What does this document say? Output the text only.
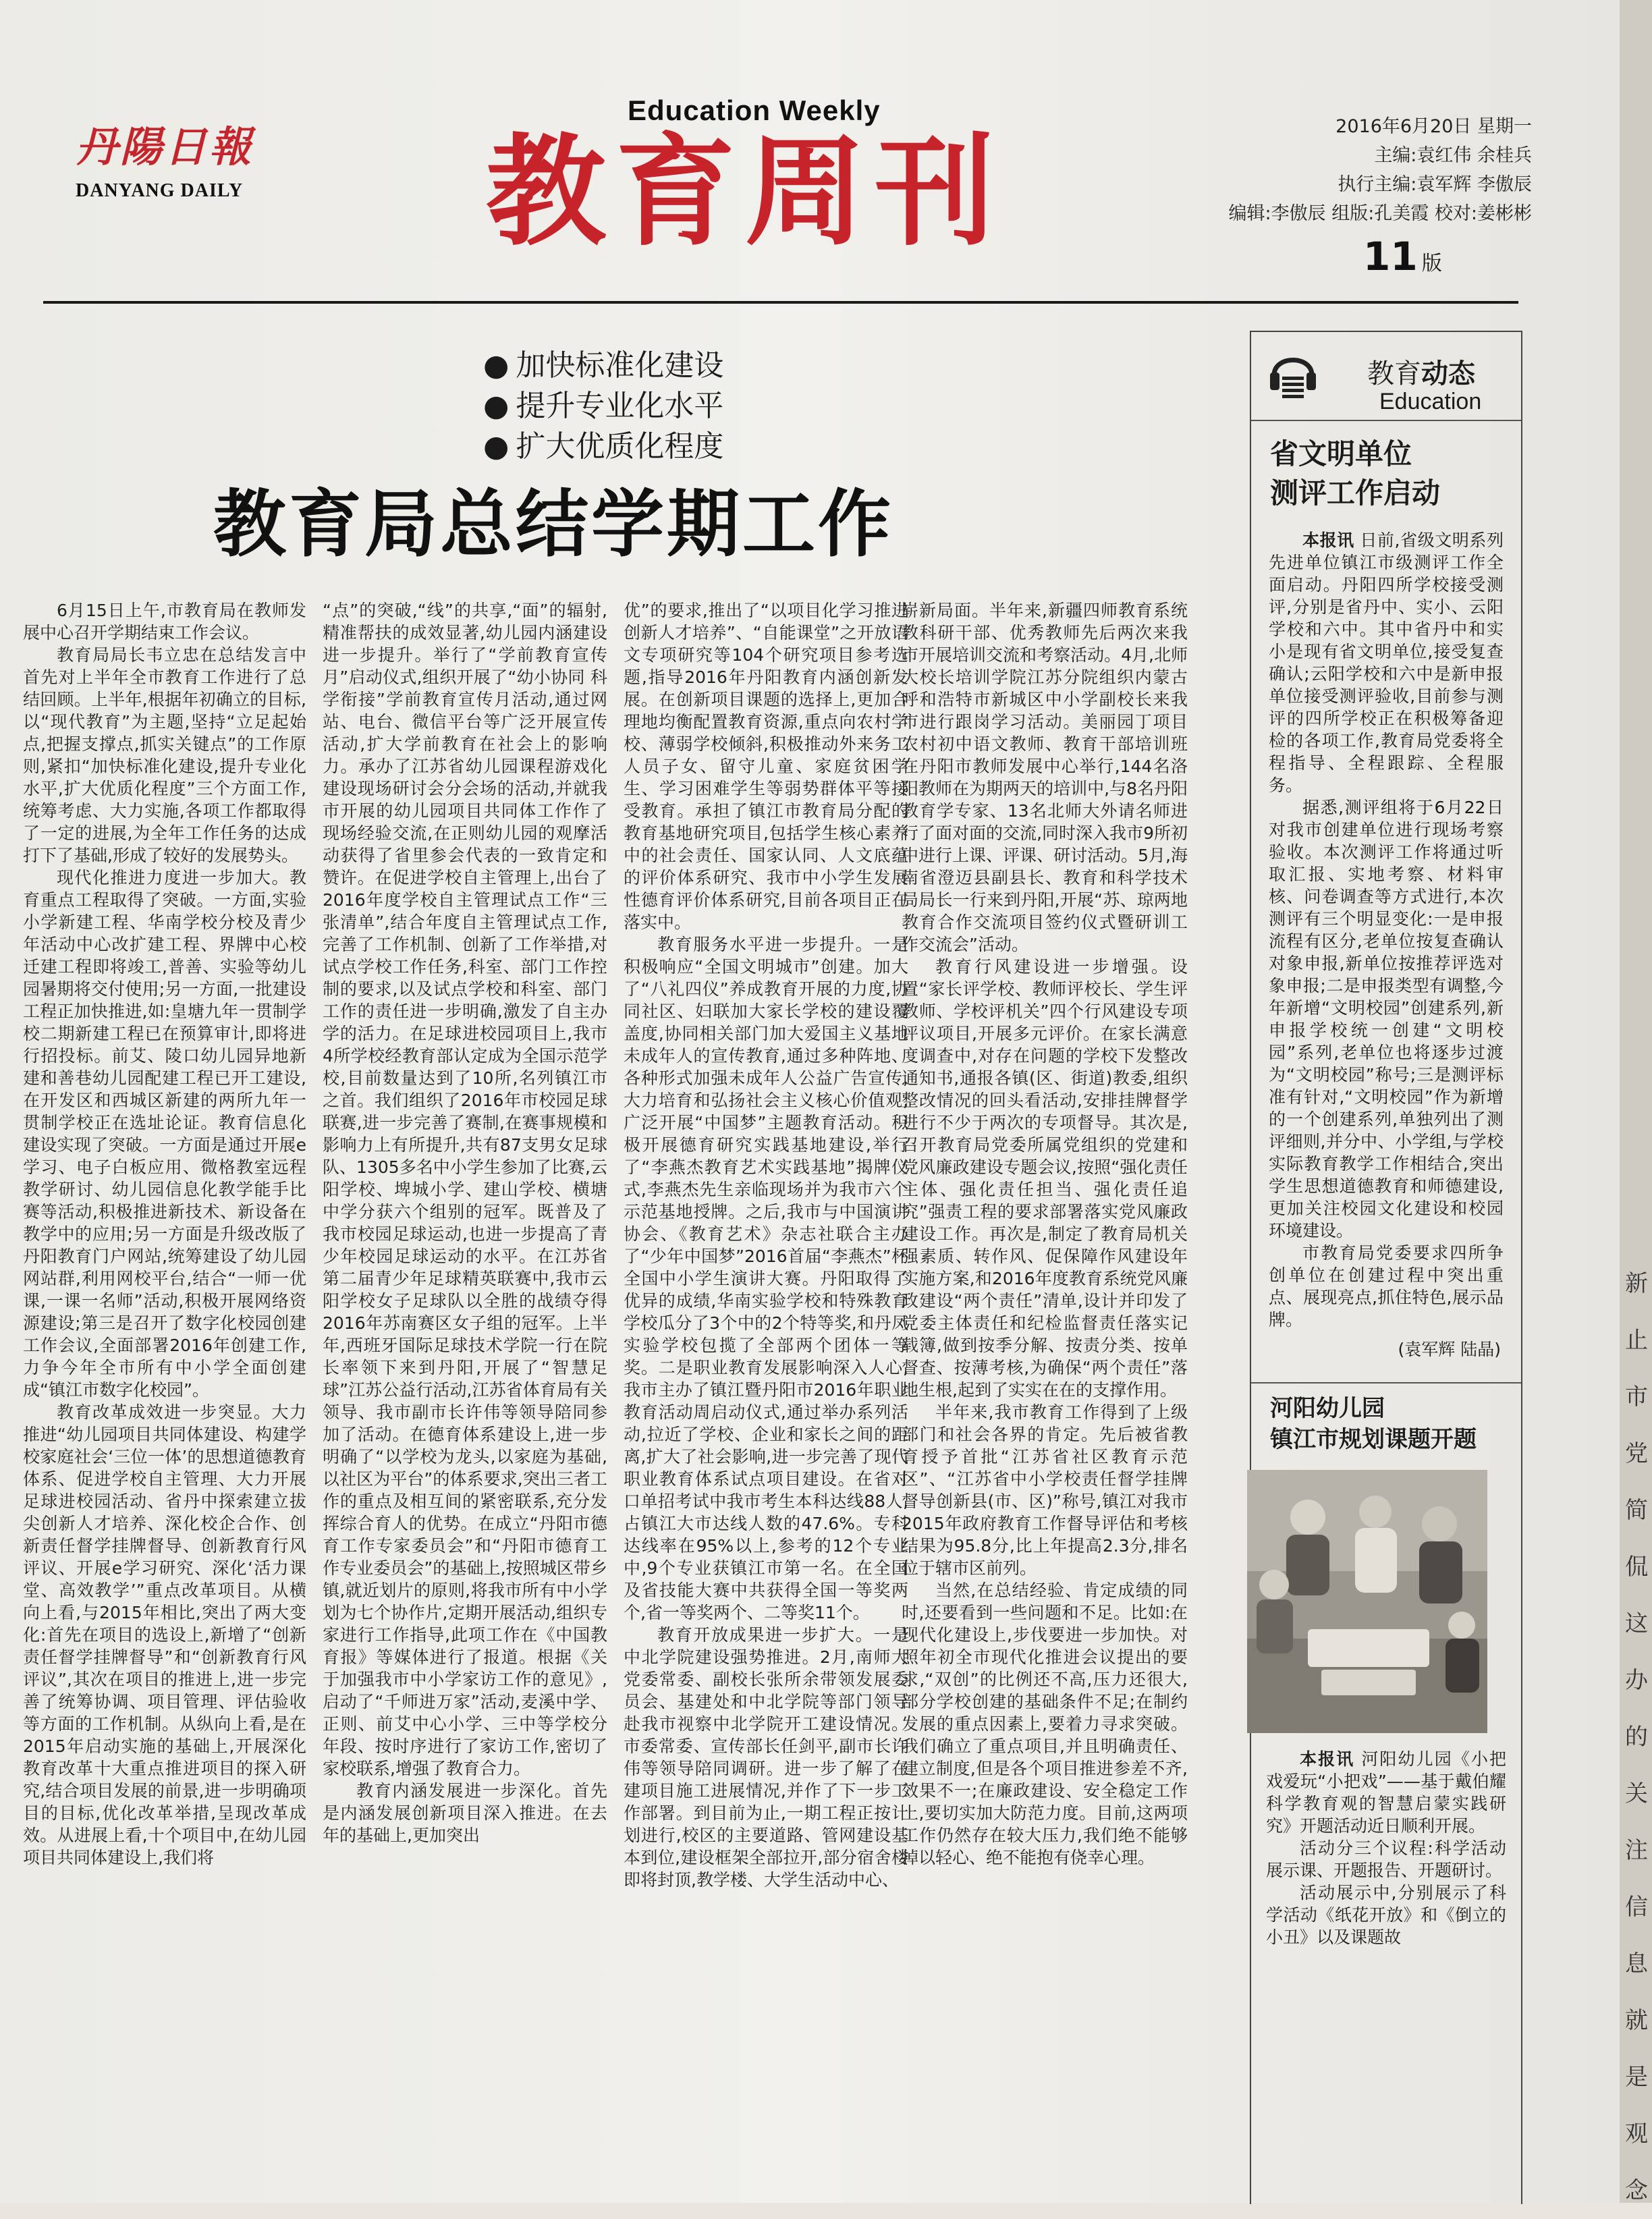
丹陽日報
DANYANG DAILY
Education Weekly
教育周刊	2016年6月20日 星期一
主编:袁红伟 余桂兵
执行主编:袁军辉 李傲辰
编辑:李傲辰 组版:孔美霞 校对:姜彬彬
11 版
● 加快标准化建设
● 提升专业化水平
● 扩大优质化程度
教育局总结学期工作

6月15日上午,市教育局在教师发展中心召开学期结束工作会议。

教育局局长韦立忠在总结发言中首先对上半年全市教育工作进行了总结回顾。上半年,根据年初确立的目标,以“现代教育”为主题,坚持“立足起始点,把握支撑点,抓实关键点”的工作原则,紧扣“加快标准化建设,提升专业化水平,扩大优质化程度”三个方面工作,统筹考虑、大力实施,各项工作都取得了一定的进展,为全年工作任务的达成打下了基础,形成了较好的发展势头。

现代化推进力度进一步加大。教育重点工程取得了突破。一方面,实验小学新建工程、华南学校分校及青少年活动中心改扩建工程、界牌中心校迁建工程即将竣工,普善、实验等幼儿园暑期将交付使用;另一方面,一批建设工程正加快推进,如:皇塘九年一贯制学校二期新建工程已在预算审计,即将进行招投标。前艾、陵口幼儿园异地新建和善巷幼儿园配建工程已开工建设,在开发区和西城区新建的两所九年一贯制学校正在选址论证。教育信息化建设实现了突破。一方面是通过开展e学习、电子白板应用、微格教室远程教学研讨、幼儿园信息化教学能手比赛等活动,积极推进新技术、新设备在教学中的应用;另一方面是升级改版了丹阳教育门户网站,统筹建设了幼儿园网站群,利用网校平台,结合“一师一优课,一课一名师”活动,积极开展网络资源建设;第三是召开了数字化校园创建工作会议,全面部署2016年创建工作,力争今年全市所有中小学全面创建成“镇江市数字化校园”。

教育改革成效进一步突显。大力推进“幼儿园项目共同体建设、构建学校家庭社会‘三位一体’的思想道德教育体系、促进学校自主管理、大力开展足球进校园活动、省丹中探索建立拔尖创新人才培养、深化校企合作、创新责任督学挂牌督导、创新教育行风评议、开展e学习研究、深化‘活力课堂、高效教学’”重点改革项目。从横向上看,与2015年相比,突出了两大变化:首先在项目的选设上,新增了“创新责任督学挂牌督导”和“创新教育行风评议”,其次在项目的推进上,进一步完善了统筹协调、项目管理、评估验收等方面的工作机制。从纵向上看,是在2015年启动实施的基础上,开展深化教育改革十大重点推进项目的探入研究,结合项目发展的前景,进一步明确项目的目标,优化改革举措,呈现改革成效。从进展上看,十个项目中,在幼儿园项目共同体建设上,我们将

“点”的突破,“线”的共享,“面”的辐射,精准帮扶的成效显著,幼儿园内涵建设进一步提升。举行了“学前教育宣传月”启动仪式,组织开展了“幼小协同 科学衔接”学前教育宣传月活动,通过网站、电台、微信平台等广泛开展宣传活动,扩大学前教育在社会上的影响力。承办了江苏省幼儿园课程游戏化建设现场研讨会分会场的活动,并就我市开展的幼儿园项目共同体工作作了现场经验交流,在正则幼儿园的观摩活动获得了省里参会代表的一致肯定和赞许。在促进学校自主管理上,出台了2016年度学校自主管理试点工作“三张清单”,结合年度自主管理试点工作,完善了工作机制、创新了工作举措,对试点学校工作任务,科室、部门工作控制的要求,以及试点学校和科室、部门工作的责任进一步明确,激发了自主办学的活力。在足球进校园项目上,我市4所学校经教育部认定成为全国示范学校,目前数量达到了10所,名列镇江市之首。我们组织了2016年市校园足球联赛,进一步完善了赛制,在赛事规模和影响力上有所提升,共有87支男女足球队、1305多名中小学生参加了比赛,云阳学校、埤城小学、建山学校、横塘中学分获六个组别的冠军。既普及了我市校园足球运动,也进一步提高了青少年校园足球运动的水平。在江苏省第二届青少年足球精英联赛中,我市云阳学校女子足球队以全胜的战绩夺得2016年苏南赛区女子组的冠军。上半年,西班牙国际足球技术学院一行在院长率领下来到丹阳,开展了“智慧足球”江苏公益行活动,江苏省体育局有关领导、我市副市长许伟等领导陪同参加了活动。在德育体系建设上,进一步明确了“以学校为龙头,以家庭为基础,以社区为平台”的体系要求,突出三者工作的重点及相互间的紧密联系,充分发挥综合育人的优势。在成立“丹阳市德育工作专家委员会”和“丹阳市德育工作专业委员会”的基础上,按照城区带乡镇,就近划片的原则,将我市所有中小学划为七个协作片,定期开展活动,组织专家进行工作指导,此项工作在《中国教育报》等媒体进行了报道。根据《关于加强我市中小学家访工作的意见》,启动了“千师进万家”活动,麦溪中学、正则、前艾中心小学、三中等学校分年段、按时序进行了家访工作,密切了家校联系,增强了教育合力。

教育内涵发展进一步深化。首先是内涵发展创新项目深入推进。在去年的基础上,更加突出

优”的要求,推出了“以项目化学习推进创新人才培养”、“自能课堂”之开放语文专项研究等104个研究项目参考选题,指导2016年丹阳教育内涵创新发展。在创新项目课题的选择上,更加合理地均衡配置教育资源,重点向农村学校、薄弱学校倾斜,积极推动外来务工人员子女、留守儿童、家庭贫困学生、学习困难学生等弱势群体平等接受教育。承担了镇江市教育局分配的教育基地研究项目,包括学生核心素养中的社会责任、国家认同、人文底蕴的评价体系研究、我市中小学生发展性德育评价体系研究,目前各项目正在落实中。

教育服务水平进一步提升。一是积极响应“全国文明城市”创建。加大了“八礼四仪”养成教育开展的力度,协同社区、妇联加大家长学校的建设覆盖度,协同相关部门加大爱国主义基地未成年人的宣传教育,通过多种阵地、各种形式加强未成年人公益广告宣传,大力培育和弘扬社会主义核心价值观,广泛开展“中国梦”主题教育活动。积极开展德育研究实践基地建设,举行了“李燕杰教育艺术实践基地”揭牌仪式,李燕杰先生亲临现场并为我市六个示范基地授牌。之后,我市与中国演讲协会、《教育艺术》杂志社联合主办了“少年中国梦”2016首届“李燕杰”杯全国中小学生演讲大赛。丹阳取得了优异的成绩,华南实验学校和特殊教育学校瓜分了3个中的2个特等奖,和丹凤实验学校包揽了全部两个团体一等奖。二是职业教育发展影响深入人心,我市主办了镇江暨丹阳市2016年职业教育活动周启动仪式,通过举办系列活动,拉近了学校、企业和家长之间的距离,扩大了社会影响,进一步完善了现代职业教育体系试点项目建设。在省对口单招考试中我市考生本科达线88人,占镇江大市达线人数的47.6%。专科达线率在95%以上,参考的12个专业中,9个专业获镇江市第一名。在全国及省技能大赛中共获得全国一等奖两个,省一等奖两个、二等奖11个。

教育开放成果进一步扩大。一是中北学院建设强势推进。2月,南师大党委常委、副校长张所余带领发展委员会、基建处和中北学院等部门领导赴我市视察中北学院开工建设情况。市委常委、宣传部长任剑平,副市长许伟等领导陪同调研。进一步了解了在建项目施工进展情况,并作了下一步工作部署。到目前为止,一期工程正按计划进行,校区的主要道路、管网建设基本到位,建设框架全部拉开,部分宿舍楼即将封顶,教学楼、大学生活动中心、

崭新局面。半年来,新疆四师教育系统教科研干部、优秀教师先后两次来我市开展培训交流和考察活动。4月,北师大校长培训学院江苏分院组织内蒙古呼和浩特市新城区中小学副校长来我市进行跟岗学习活动。美丽园丁项目农村初中语文教师、教育干部培训班在丹阳市教师发展中心举行,144名洛阳教师在为期两天的培训中,与8名丹阳教育学专家、13名北师大外请名师进行了面对面的交流,同时深入我市9所初中进行上课、评课、研讨活动。5月,海南省澄迈县副县长、教育和科学技术局局长一行来到丹阳,开展“苏、琼两地教育合作交流项目签约仪式暨研训工作交流会”活动。

教育行风建设进一步增强。设置“家长评学校、教师评校长、学生评教师、学校评机关”四个行风建设专项评议项目,开展多元评价。在家长满意度调查中,对存在问题的学校下发整改通知书,通报各镇(区、街道)教委,组织整改情况的回头看活动,安排挂牌督学进行不少于两次的专项督导。其次是,召开教育局党委所属党组织的党建和党风廉政建设专题会议,按照“强化责任主体、强化责任担当、强化责任追究”强责工程的要求部署落实党风廉政建设工作。再次是,制定了教育局机关强素质、转作风、促保障作风建设年实施方案,和2016年度教育系统党风廉政建设“两个责任”清单,设计并印发了党委主体责任和纪检监督责任落实记载簿,做到按季分解、按责分类、按单督查、按薄考核,为确保“两个责任”落地生根,起到了实实在在的支撑作用。

半年来,我市教育工作得到了上级部门和社会各界的肯定。先后被省教育授予首批“江苏省社区教育示范区”、“江苏省中小学校责任督学挂牌督导创新县(市、区)”称号,镇江对我市2015年政府教育工作督导评估和考核结果为95.8分,比上年提高2.3分,排名位于辖市区前列。

当然,在总结经验、肯定成绩的同时,还要看到一些问题和不足。比如:在现代化建设上,步伐要进一步加快。对照年初全市现代化推进会议提出的要求,“双创”的比例还不高,压力还很大,部分学校创建的基础条件不足;在制约发展的重点因素上,要着力寻求突破。我们确立了重点项目,并且明确责任、建立制度,但是各个项目推进参差不齐,效果不一;在廉政建设、安全稳定工作上,要切实加大防范力度。目前,这两项工作仍然存在较大压力,我们绝不能够掉以轻心、绝不能抱有侥幸心理。

教育动态
Education
省文明单位
测评工作启动

本报讯 日前,省级文明系列先进单位镇江市级测评工作全面启动。丹阳四所学校接受测评,分别是省丹中、实小、云阳学校和六中。其中省丹中和实小是现有省文明单位,接受复查确认;云阳学校和六中是新申报单位接受测评验收,目前参与测评的四所学校正在积极筹备迎检的各项工作,教育局党委将全程指导、全程跟踪、全程服务。

据悉,测评组将于6月22日对我市创建单位进行现场考察验收。本次测评工作将通过听取汇报、实地考察、材料审核、问卷调查等方式进行,本次测评有三个明显变化:一是申报流程有区分,老单位按复查确认对象申报,新单位按推荐评选对象申报;二是申报类型有调整,今年新增“文明校园”创建系列,新申报学校统一创建“文明校园”系列,老单位也将逐步过渡为“文明校园”称号;三是测评标准有针对,“文明校园”作为新增的一个创建系列,单独列出了测评细则,并分中、小学组,与学校实际教育教学工作相结合,突出学生思想道德教育和师德建设,更加关注校园文化建设和校园环境建设。

市教育局党委要求四所争创单位在创建过程中突出重点、展现亮点,抓住特色,展示品牌。

(袁军辉 陆晶)
河阳幼儿园
镇江市规划课题开题

本报讯 河阳幼儿园《小把戏爱玩“小把戏”——基于戴伯耀科学教育观的智慧启蒙实践研究》开题活动近日顺利开展。

活动分三个议程:科学活动展示课、开题报告、开题研讨。

活动展示中,分别展示了科学活动《纸花开放》和《倒立的小丑》以及课题故

新
止市
党
简侃
这
办的
关注
信息
就是
观念
